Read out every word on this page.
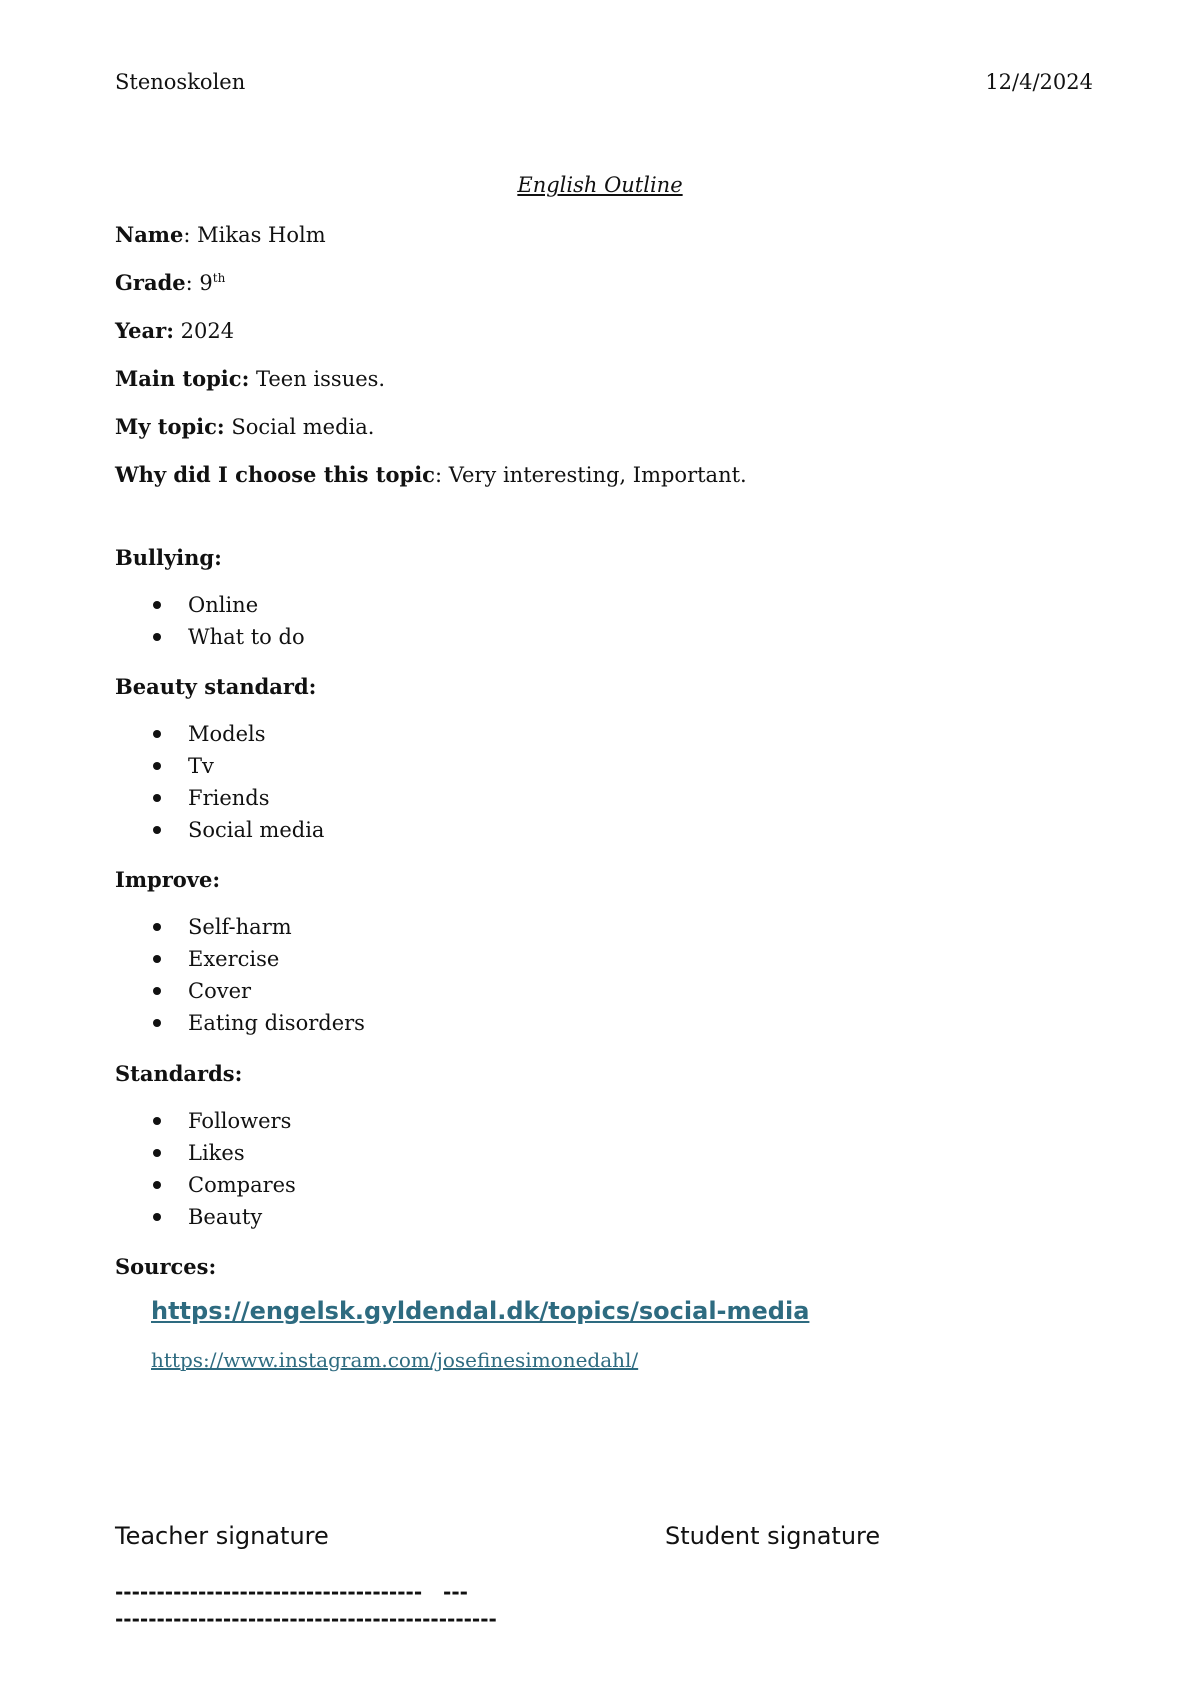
Stenoskolen	12/4/2024
English Outline
Name: Mikas Holm
Grade: 9th
Year: 2024
Main topic: Teen issues.
My topic: Social media.
Why did I choose this topic: Very interesting, Important.
Bullying:
Online
What to do
Beauty standard:
Models
Tv
Friends
Social media
Improve:
Self-harm
Exercise
Cover
Eating disorders
Standards:
Followers
Likes
Compares
Beauty
Sources:
https://engelsk.gyldendal.dk/topics/social-media
https://www.instagram.com/josefinesimonedahl/
Teacher signature	Student signature
-------------------------------------   ---
----------------------------------------------
